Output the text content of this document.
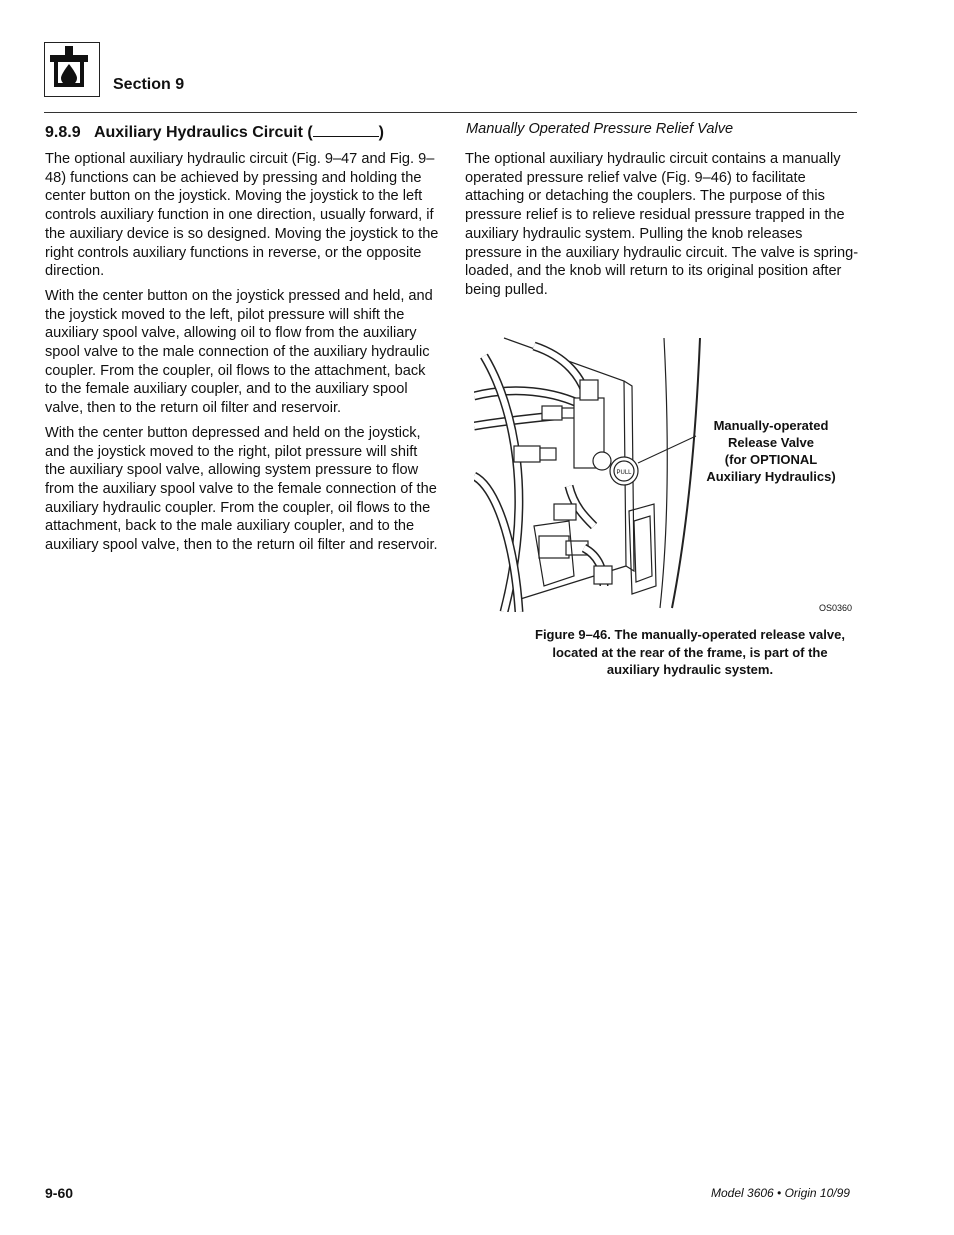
Section 9
9.8.9 Auxiliary Hydraulics Circuit (	)

The optional auxiliary hydraulic circuit (Fig. 9–47 and Fig. 9–48) functions can be achieved by pressing and holding the center button on the joystick. Moving the joystick to the left controls auxiliary function in one direction, usually forward, if the auxiliary device is so designed. Moving the joystick to the right controls auxiliary functions in reverse, or the opposite direction.

With the center button on the joystick pressed and held, and the joystick moved to the left, pilot pressure will shift the auxiliary spool valve, allowing oil to flow from the auxiliary spool valve to the male connection of the auxiliary hydraulic coupler. From the coupler, oil flows to the attachment, back to the female auxiliary coupler, and to the auxiliary spool valve, then to the return oil filter and reservoir.

With the center button depressed and held on the joystick, and the joystick moved to the right, pilot pressure will shift the auxiliary spool valve, allowing system pressure to flow from the auxiliary spool valve to the female connection of the auxiliary hydraulic coupler. From the coupler, oil flows to the attachment, back to the male auxiliary coupler, and to the auxiliary spool valve, then to the return oil filter and reservoir.

Manually Operated Pressure Relief Valve

The optional auxiliary hydraulic circuit contains a manually operated pressure relief valve (Fig. 9–46) to facilitate attaching or detaching the couplers. The purpose of this pressure relief is to relieve residual pressure trapped in the auxiliary hydraulic system. Pulling the knob releases pressure in the auxiliary hydraulic circuit. The valve is spring-loaded, and the knob will return to its original position after being pulled.

PULL
Manually-operated
Release Valve
(for OPTIONAL
Auxiliary Hydraulics)
OS0360
Figure 9–46. The manually-operated release valve,
located at the rear of the frame, is part of the
auxiliary hydraulic system.
9-60	Model 3606 • Origin 10/99
